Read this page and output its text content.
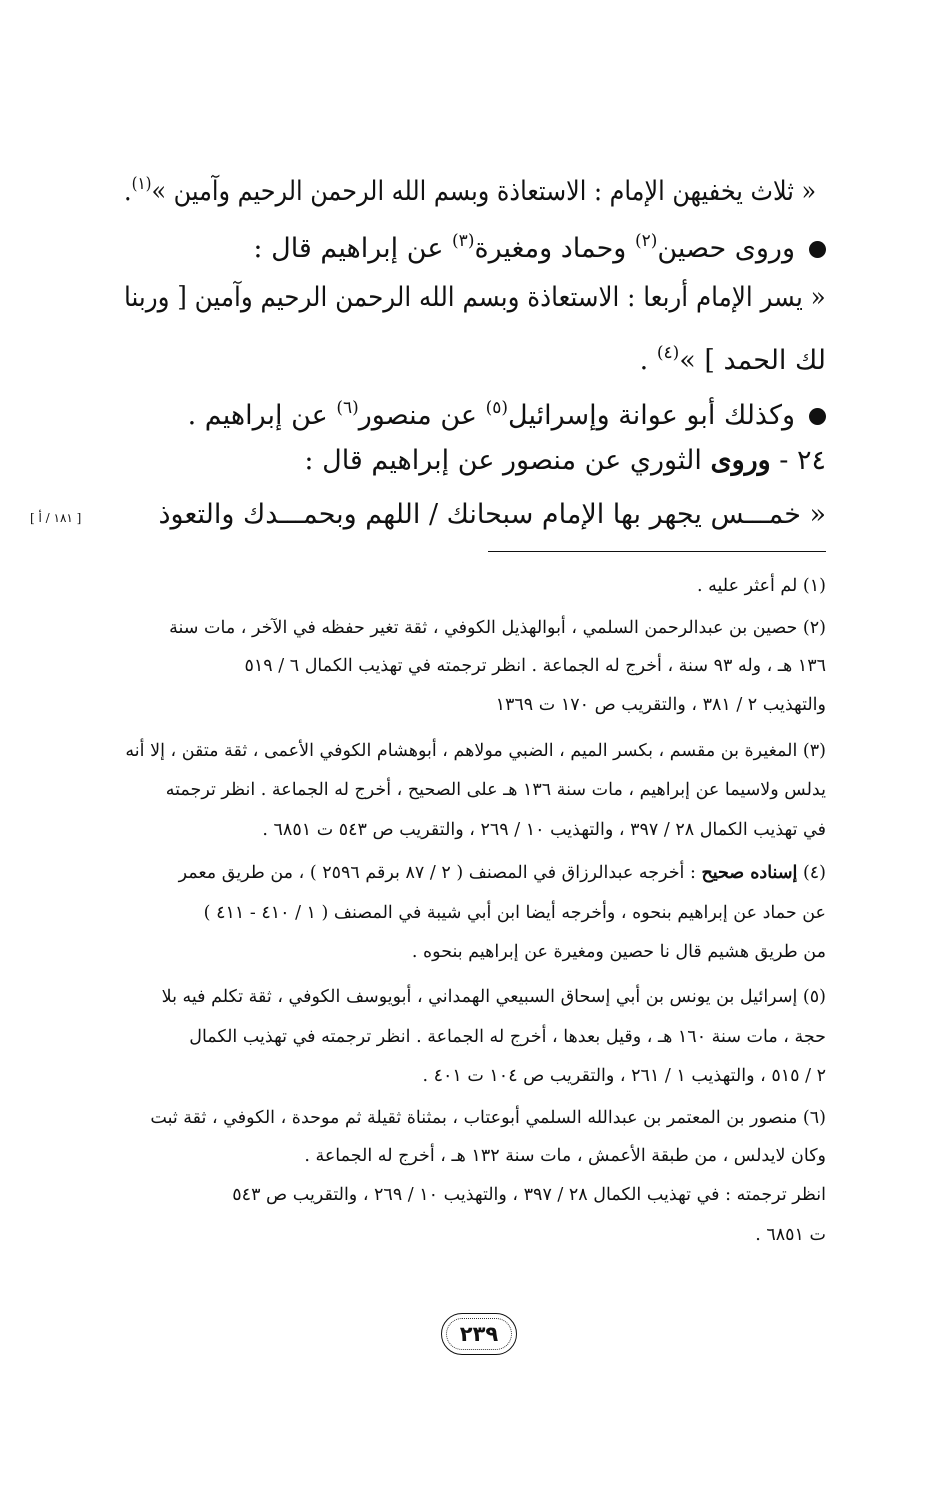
« ثلاث يخفيهن الإمام : الاستعاذة وبسم الله الرحمن الرحيم وآمين »$^{(١)}$.
وروى حصين$^{(٢)}$ وحماد ومغيرة$^{(٣)}$ عن إبراهيم قال :
« يسر الإمام أربعا : الاستعاذة وبسم الله الرحمن الرحيم وآمين [ وربنا
لك الحمد ] »$^{(٤)}$ .
وكذلك أبو عوانة وإسرائيل$^{(٥)}$ عن منصور$^{(٦)}$ عن إبراهيم .
٢٤ - وروى الثوري عن منصور عن إبراهيم قال :
« خمـــس يجهر بها الإمام سبحانك / اللهم وبحمـــدك والتعوذ
[ ١٨١ / أ ]
(١) لم أعثر عليه .
(٢) حصين بن عبدالرحمن السلمي ، أبوالهذيل الكوفي ، ثقة تغير حفظه في الآخر ، مات سنة
١٣٦ هـ ، وله ٩٣ سنة ، أخرج له الجماعة . انظر ترجمته في تهذيب الكمال ٦ / ٥١٩
والتهذيب ٢ / ٣٨١ ، والتقريب ص ١٧٠ ت ١٣٦٩
(٣) المغيرة بن مقسم ، بكسر الميم ، الضبي مولاهم ، أبوهشام الكوفي الأعمى ، ثقة متقن ، إلا أنه
يدلس ولاسيما عن إبراهيم ، مات سنة ١٣٦ هـ على الصحيح ، أخرج له الجماعة . انظر ترجمته
في تهذيب الكمال ٢٨ / ٣٩٧ ، والتهذيب ١٠ / ٢٦٩ ، والتقريب ص ٥٤٣ ت ٦٨٥١ .
(٤) إسناده صحيح : أخرجه عبدالرزاق في المصنف ( ٢ / ٨٧ برقم ٢٥٩٦ ) ، من طريق معمر
عن حماد عن إبراهيم بنحوه ، وأخرجه أيضا ابن أبي شيبة في المصنف ( ١ / ٤١٠ - ٤١١ )
من طريق هشيم قال نا حصين ومغيرة عن إبراهيم بنحوه .
(٥) إسرائيل بن يونس بن أبي إسحاق السبيعي الهمداني ، أبويوسف الكوفي ، ثقة تكلم فيه بلا
حجة ، مات سنة ١٦٠ هـ ، وقيل بعدها ، أخرج له الجماعة . انظر ترجمته في تهذيب الكمال
٢ / ٥١٥ ، والتهذيب ١ / ٢٦١ ، والتقريب ص ١٠٤ ت ٤٠١ .
(٦) منصور بن المعتمر بن عبدالله السلمي أبوعتاب ، بمثناة ثقيلة ثم موحدة ، الكوفي ، ثقة ثبت
وكان لايدلس ، من طبقة الأعمش ، مات سنة ١٣٢ هـ ، أخرج له الجماعة .
انظر ترجمته : في تهذيب الكمال ٢٨ / ٣٩٧ ، والتهذيب ١٠ / ٢٦٩ ، والتقريب ص ٥٤٣
ت ٦٨٥١ .
٢٣٩
